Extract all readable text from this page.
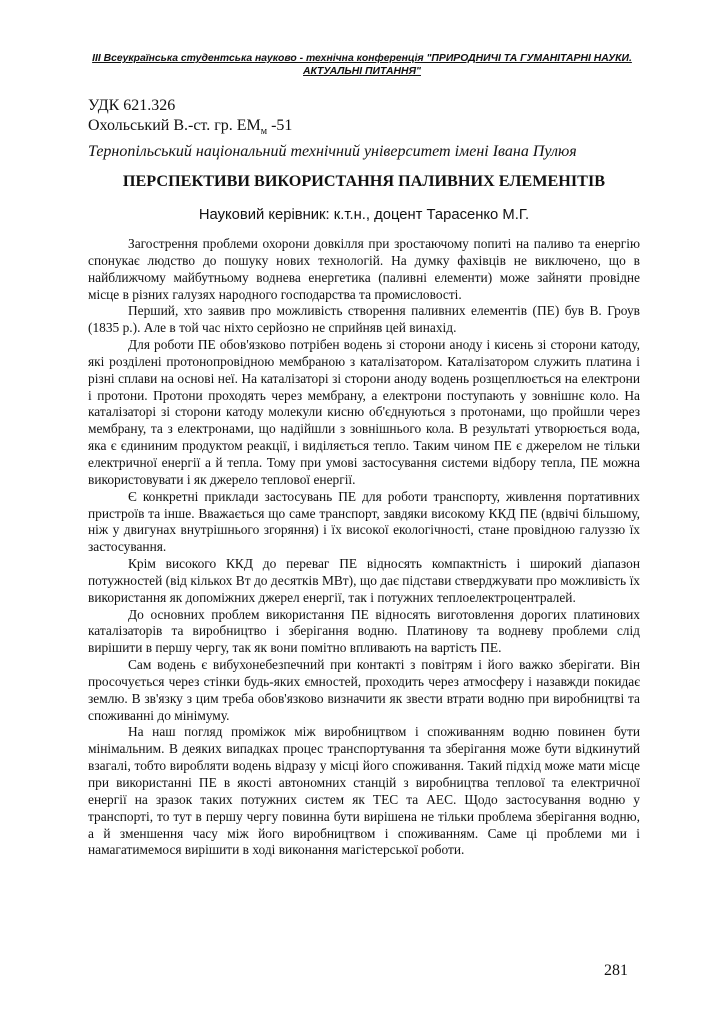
III Всеукраїнська студентська науково - технічна конференція "ПРИРОДНИЧІ ТА ГУМАНІТАРНІ НАУКИ.
АКТУАЛЬНІ ПИТАННЯ"
УДК 621.326
Охольський В.-ст. гр. $ЕМ_м$ -51
Тернопільський національний технічний університет імені Івана Пулюя
ПЕРСПЕКТИВИ ВИКОРИСТАННЯ ПАЛИВНИХ ЕЛЕМЕНІТІВ
Науковий керівник: к.т.н., доцент Тарасенко М.Г.

Загострення проблеми охорони довкілля при зростаючому попиті на паливо та енергію спонукає людство до пошуку нових технологій. На думку фахівців не виключено, що в найближчому майбутньому воднева енергетика (паливні елементи) може зайняти провідне місце в різних галузях народного господарства та промисловості.

Перший, хто заявив про можливість створення паливних елементів (ПЕ) був В. Гроув (1835 р.). Але в той час ніхто серйозно не сприйняв цей винахід.

Для роботи ПЕ обов'язково потрібен водень зі сторони аноду і кисень зі сторони катоду, які розділені протонопровідною мембраною з каталізатором. Каталізатором служить платина і різні сплави на основі неї. На каталізаторі зі сторони аноду водень розщеплюється на електрони і протони. Протони проходять через мембрану, а електрони поступають у зовнішнє коло. На каталізаторі зі сторони катоду молекули кисню об'єднуються з протонами, що пройшли через мембрану, та з електронами, що надійшли з зовнішнього кола. В результаті утворюється вода, яка є єдининим продуктом реакції, і виділяється тепло. Таким чином ПЕ є джерелом не тільки електричної енергії а й тепла. Тому при умові застосування системи відбору тепла, ПЕ можна використовувати і як джерело теплової енергії.

Є конкретні приклади застосувань ПЕ для роботи транспорту, живлення портативних пристроїв та інше. Вважається що саме транспорт, завдяки високому ККД ПЕ (вдвічі більшому, ніж у двигунах внутрішнього згоряння) і їх високої екологічності, стане провідною галуззю їх застосування.

Крім високого ККД до переваг ПЕ відносять компактність і широкий діапазон потужностей (від кількох Вт до десятків МВт), що дає підстави стверджувати про можливість їх використання як допоміжних джерел енергії, так і потужних теплоелектроцентралей.

До основних проблем використання ПЕ відносять виготовлення дорогих платинових каталізаторів та виробництво і зберігання водню. Платинову та водневу проблеми слід вирішити в першу чергу, так як вони помітно впливають на вартість ПЕ.

Сам водень є вибухонебезпечний при контакті з повітрям і його важко зберігати. Він просочується через стінки будь-яких ємностей, проходить через атмосферу і назавжди покидає землю. В зв'язку з цим треба обов'язково визначити як звести втрати водню при виробництві та споживанні до мінімуму.

На наш погляд проміжок між виробництвом і споживанням водню повинен бути мінімальним. В деяких випадках процес транспортування та зберігання може бути відкинутий взагалі, тобто виробляти водень відразу у місці його споживання. Такий підхід може мати місце при використанні ПЕ в якості автономних станцій з виробництва теплової та електричної енергії на зразок таких потужних систем як ТЕС та АЕС. Щодо застосування водню у транспорті, то тут в першу чергу повинна бути вирішена не тільки проблема зберігання водню, а й зменшення часу між його виробництвом і споживанням. Саме ці проблеми ми і намагатимемося вирішити в ході виконання магістерської роботи.

281
